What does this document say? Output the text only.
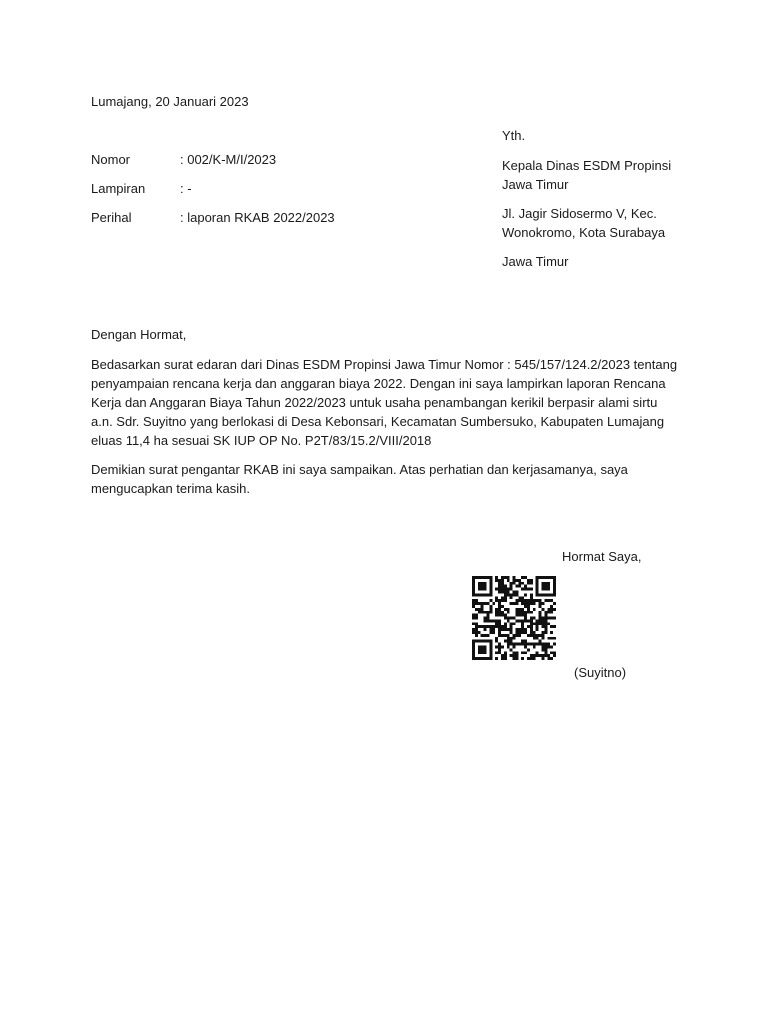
Lumajang, 20 Januari 2023
Nomor	: 002/K-M/I/2023
Lampiran	: -
Perihal	: laporan RKAB 2022/2023
Yth.
Kepala Dinas ESDM Propinsi
Jawa Timur
Jl. Jagir Sidosermo V, Kec.
Wonokromo, Kota Surabaya
Jawa Timur
Dengan Hormat,
Bedasarkan surat edaran dari Dinas ESDM Propinsi Jawa Timur Nomor : 545/157/124.2/2023 tentang penyampaian rencana kerja dan anggaran biaya 2022. Dengan ini saya lampirkan laporan Rencana Kerja dan Anggaran Biaya Tahun 2022/2023 untuk usaha penambangan kerikil berpasir alami sirtu a.n. Sdr. Suyitno yang berlokasi di Desa Kebonsari, Kecamatan Sumbersuko, Kabupaten Lumajang eluas 11,4 ha sesuai SK IUP OP No. P2T/83/15.2/VIII/2018
Demikian surat pengantar RKAB ini saya sampaikan. Atas perhatian dan kerjasamanya, saya mengucapkan terima kasih.
Hormat Saya,
(Suyitno)
